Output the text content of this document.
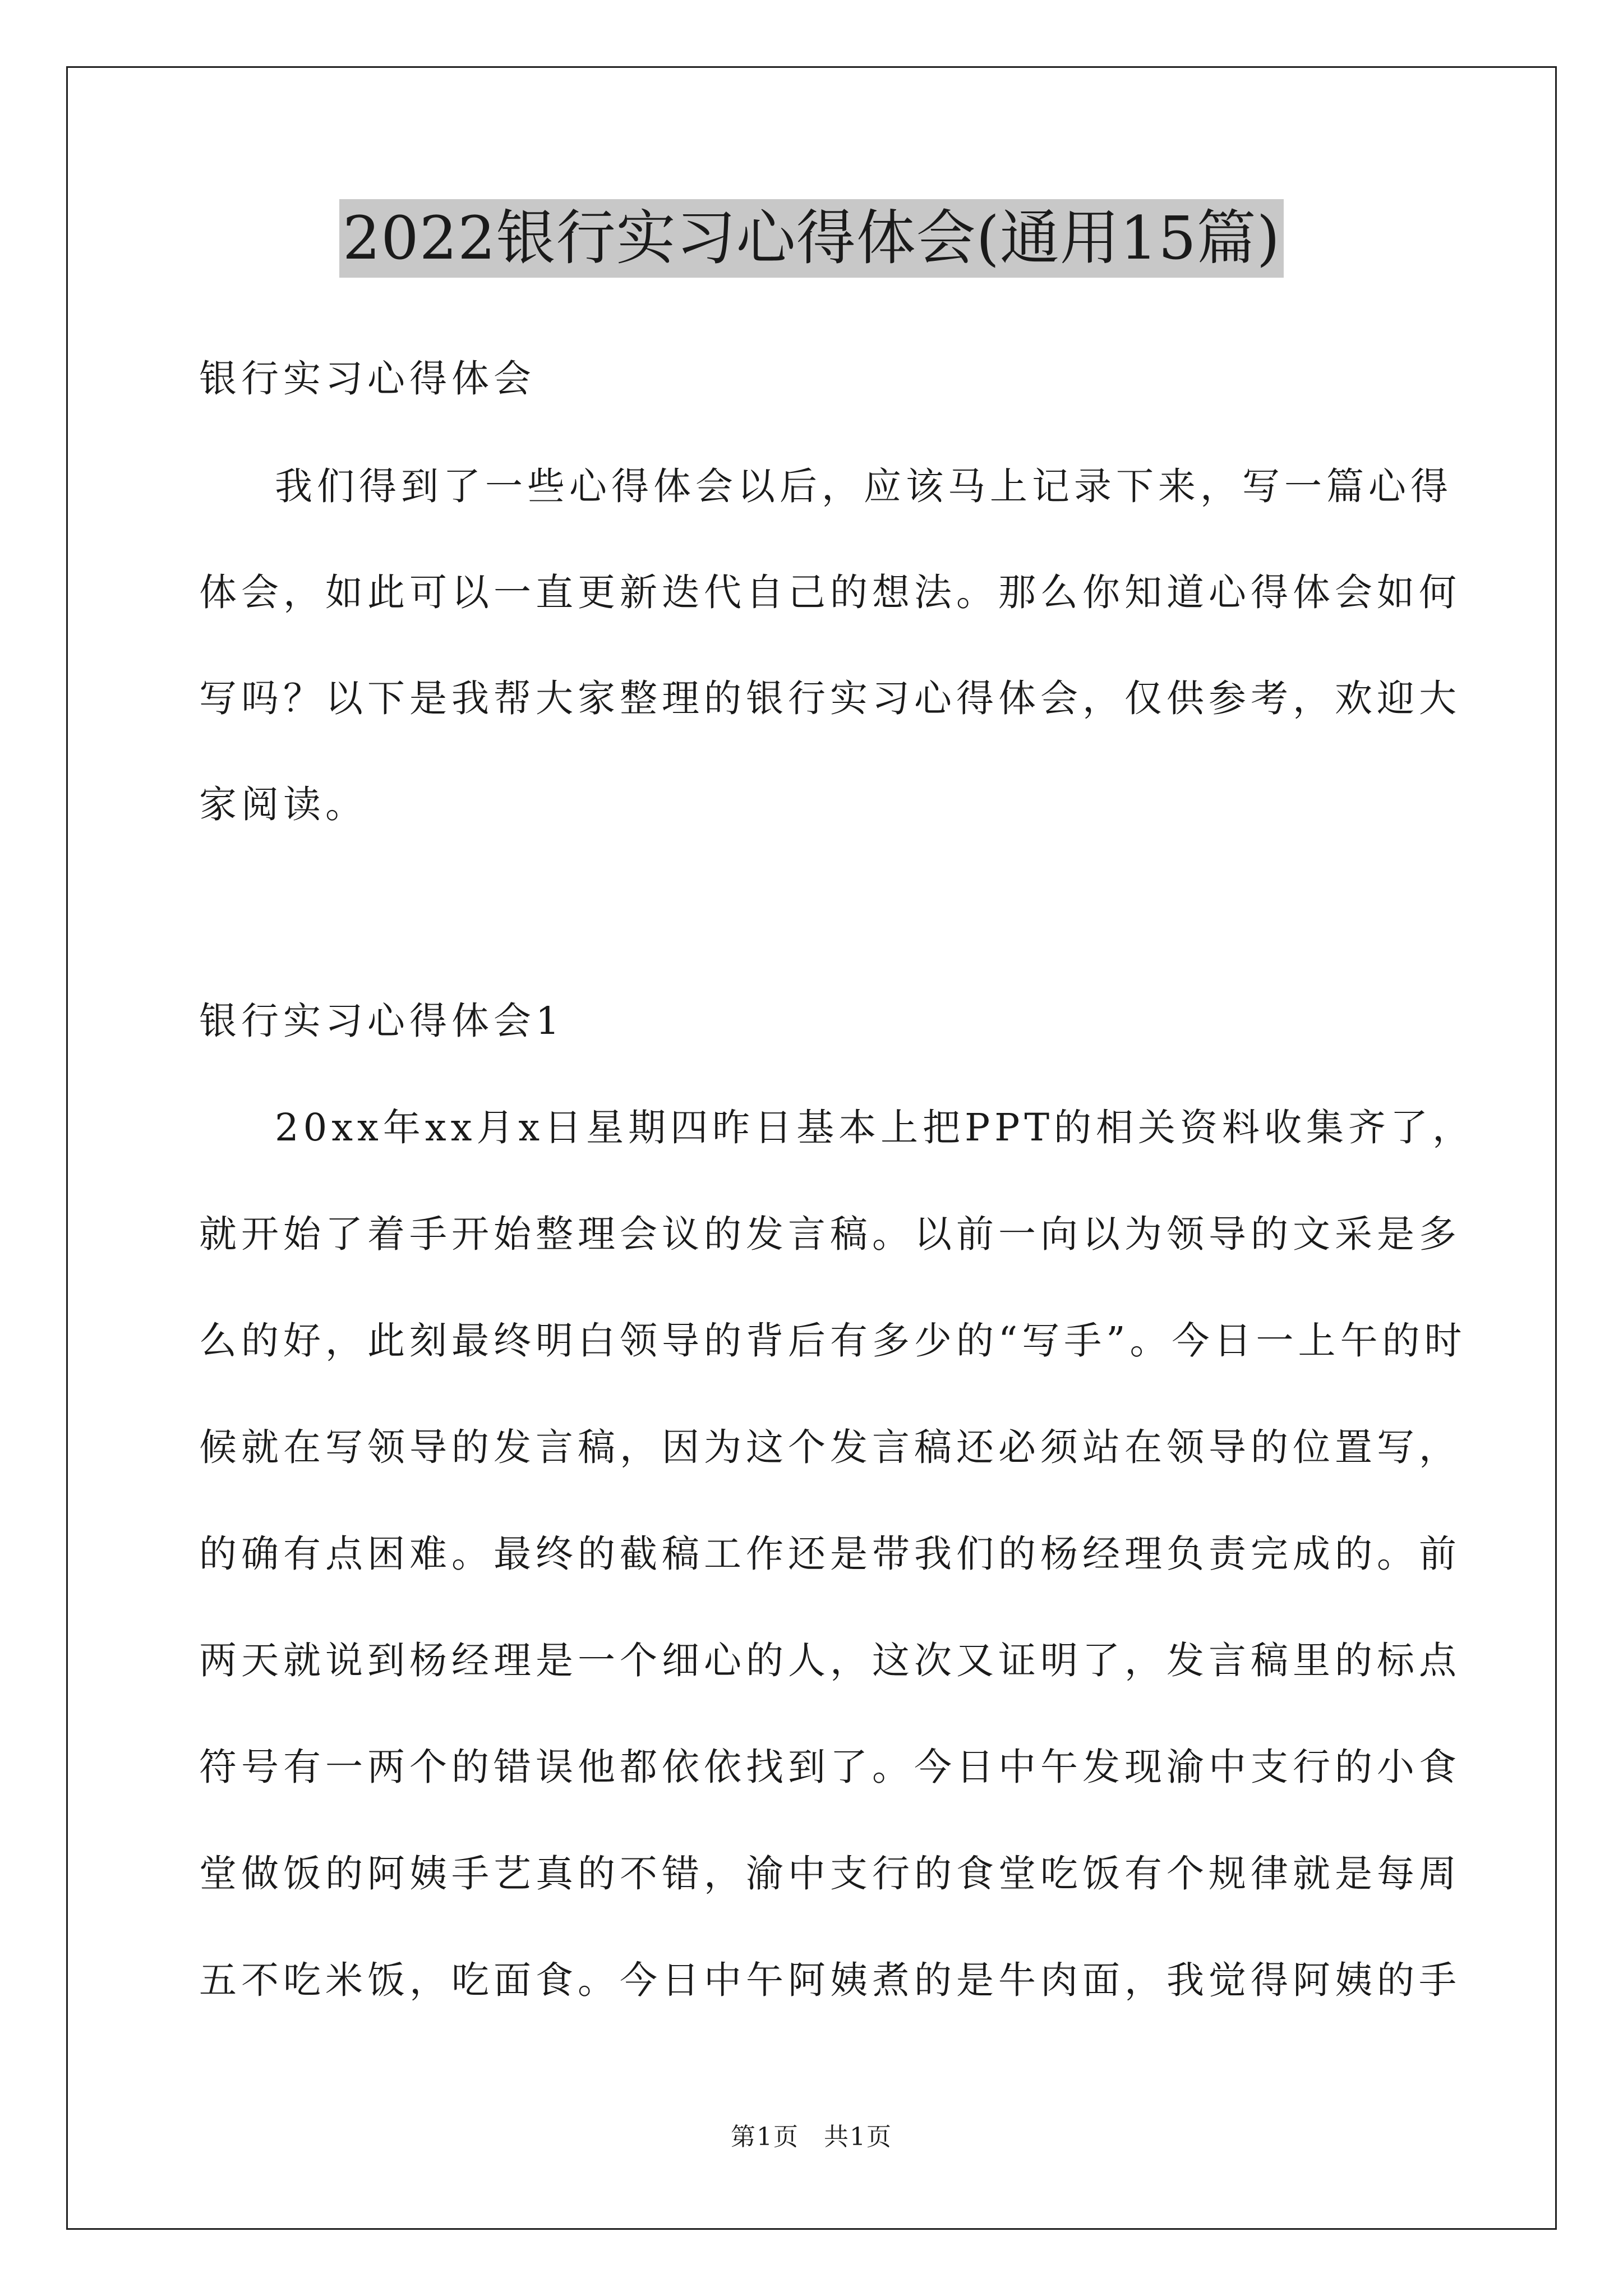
2022银行实习心得体会(通用15篇)
银行实习心得体会
我们得到了一些心得体会以后，应该马上记录下来，写一篇心得
体会，如此可以一直更新迭代自己的想法。那么你知道心得体会如何
写吗？以下是我帮大家整理的银行实习心得体会，仅供参考，欢迎大
家阅读。
银行实习心得体会1
20xx年xx月x日星期四昨日基本上把PPT的相关资料收集齐了，
就开始了着手开始整理会议的发言稿。以前一向以为领导的文采是多
么的好，此刻最终明白领导的背后有多少的“写手”。今日一上午的时
候就在写领导的发言稿，因为这个发言稿还必须站在领导的位置写，
的确有点困难。最终的截稿工作还是带我们的杨经理负责完成的。前
两天就说到杨经理是一个细心的人，这次又证明了，发言稿里的标点
符号有一两个的错误他都依依找到了。今日中午发现渝中支行的小食
堂做饭的阿姨手艺真的不错，渝中支行的食堂吃饭有个规律就是每周
五不吃米饭，吃面食。今日中午阿姨煮的是牛肉面，我觉得阿姨的手
第1页 共1页
